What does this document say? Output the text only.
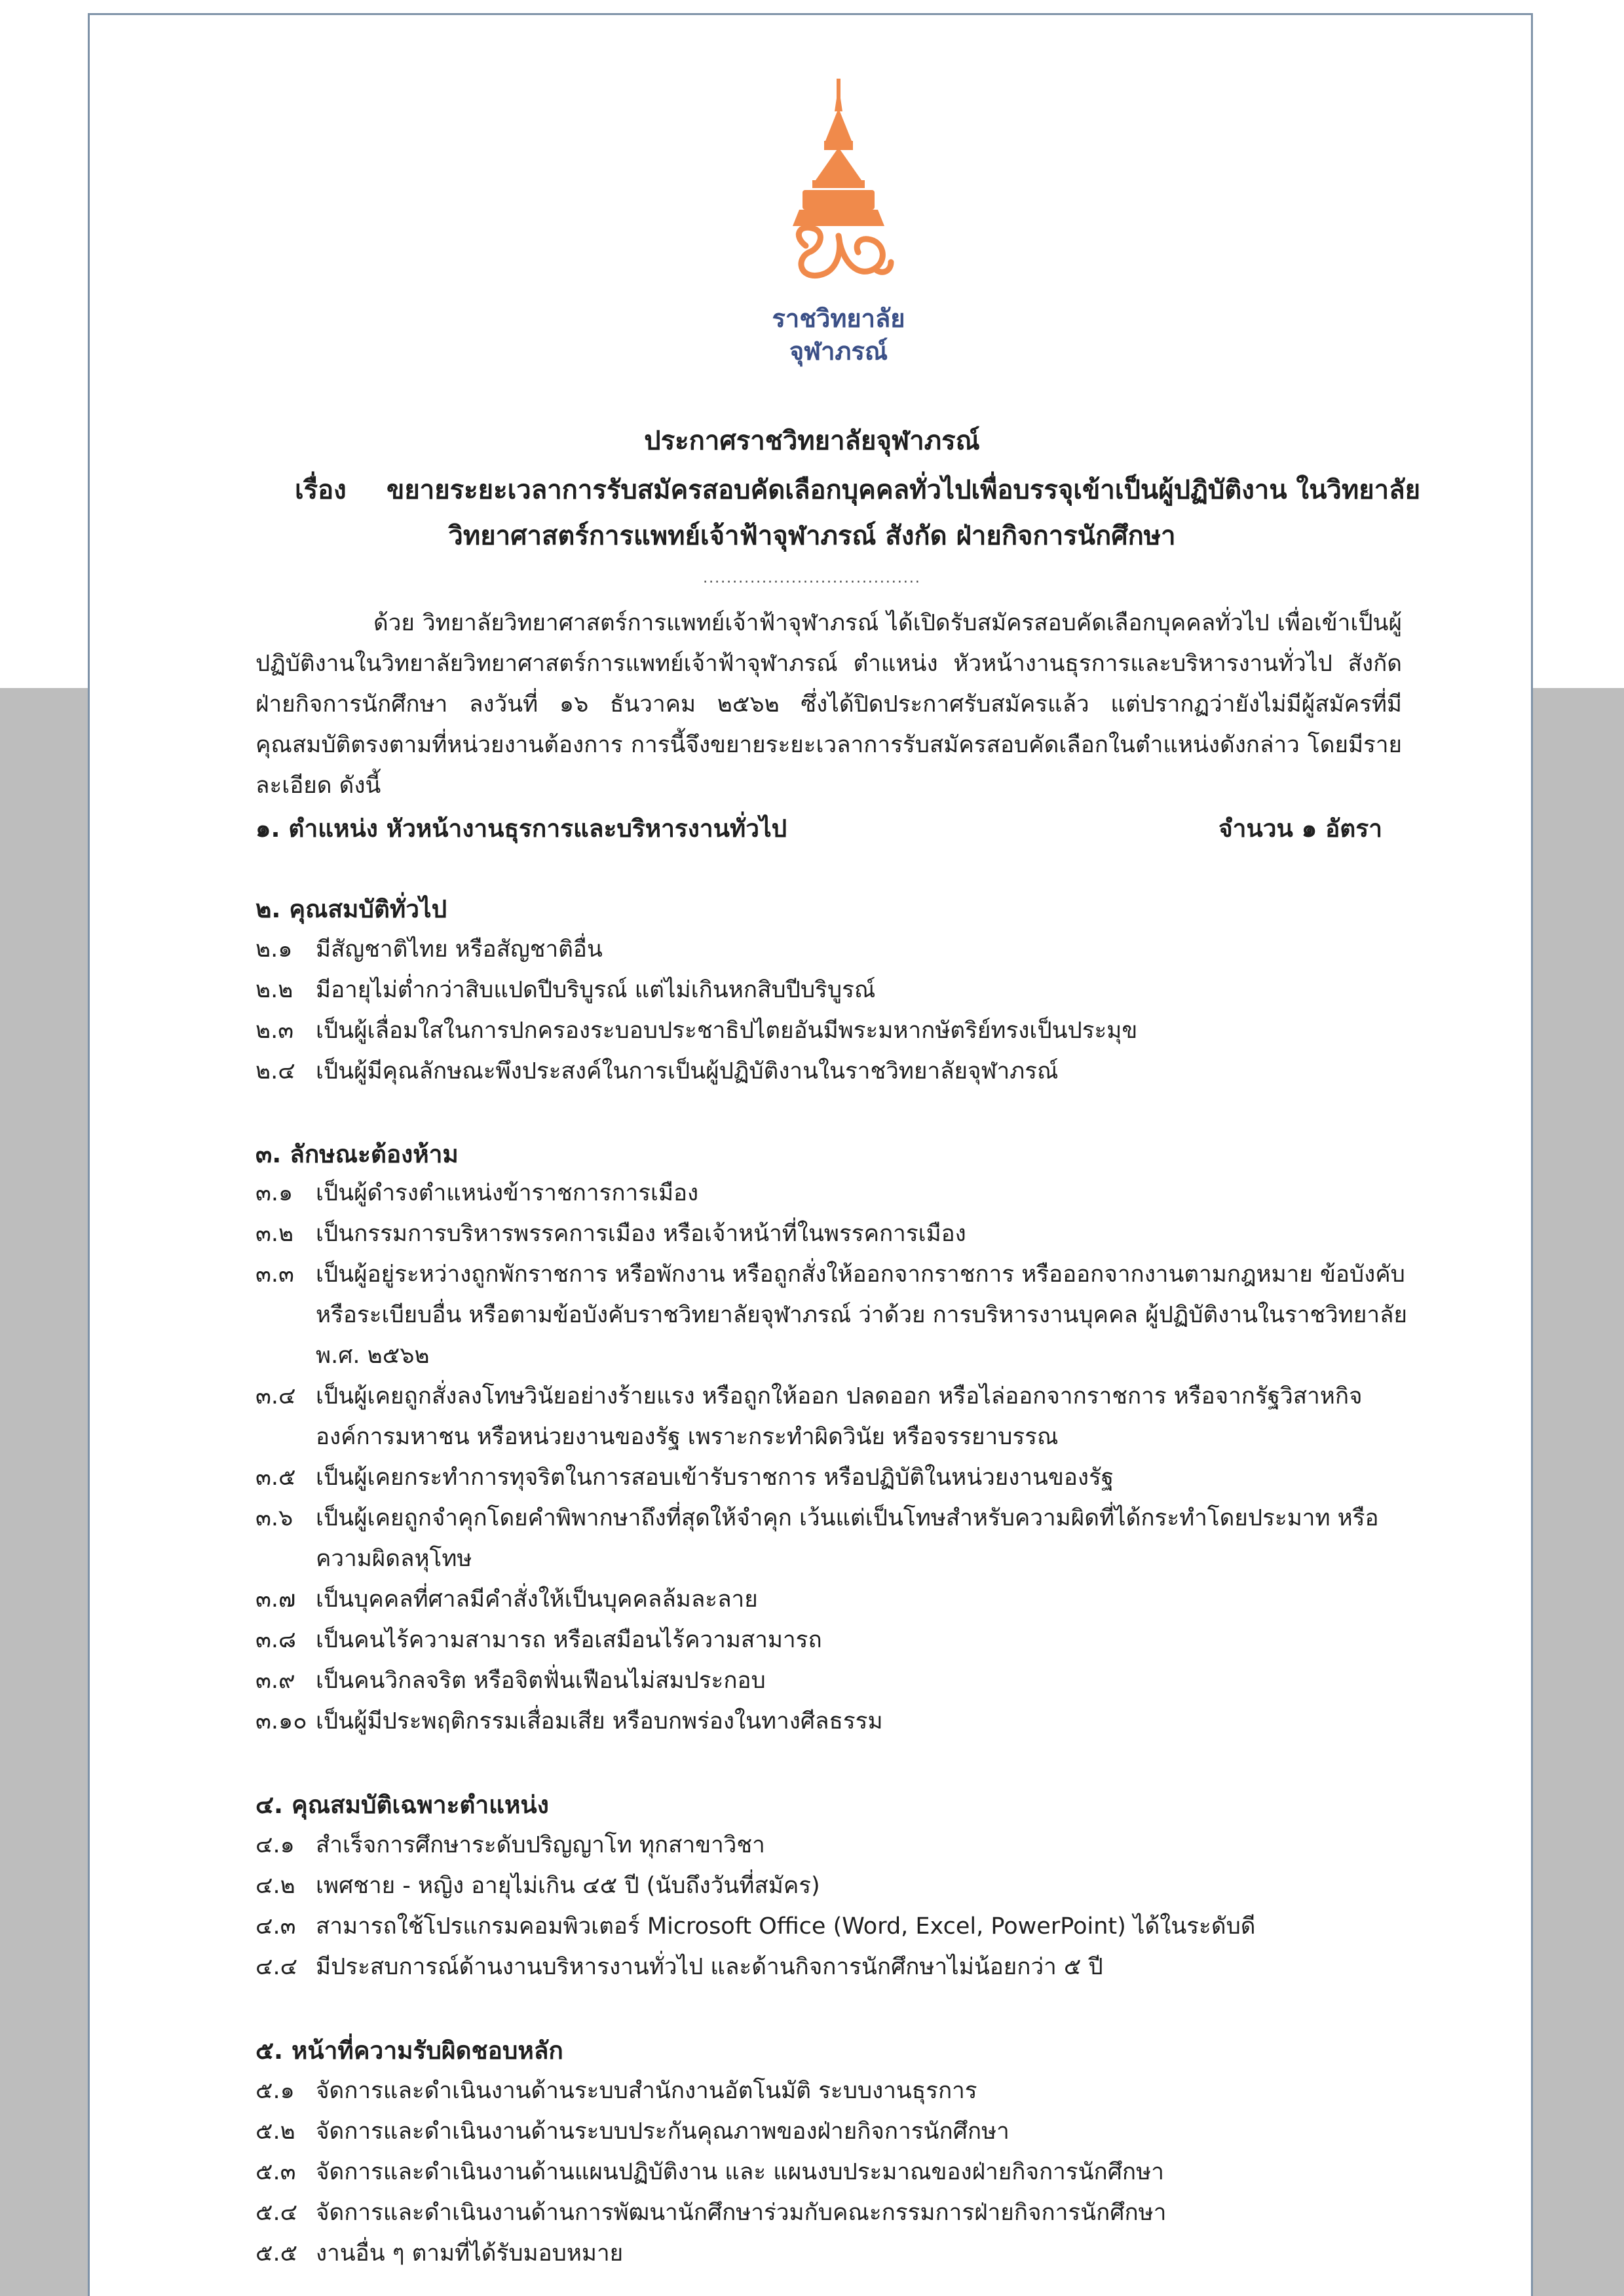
ราชวิทยาลัย
จุฬาภรณ์
ประกาศราชวิทยาลัยจุฬาภรณ์
เรื่อง ขยายระยะเวลาการรับสมัครสอบคัดเลือกบุคคลทั่วไปเพื่อบรรจุเข้าเป็นผู้ปฏิบัติงาน ในวิทยาลัย
วิทยาศาสตร์การแพทย์เจ้าฟ้าจุฬาภรณ์ สังกัด ฝ่ายกิจการนักศึกษา
.....................................
ด้วย วิทยาลัยวิทยาศาสตร์การแพทย์เจ้าฟ้าจุฬาภรณ์ ได้เปิดรับสมัครสอบคัดเลือกบุคคลทั่วไป เพื่อเข้าเป็นผู้ปฏิบัติงานในวิทยาลัยวิทยาศาสตร์การแพทย์เจ้าฟ้าจุฬาภรณ์ ตำแหน่ง หัวหน้างานธุรการและบริหารงานทั่วไป สังกัด ฝ่ายกิจการนักศึกษา ลงวันที่ ๑๖ ธันวาคม ๒๕๖๒ ซึ่งได้ปิดประกาศรับสมัครแล้ว แต่ปรากฏว่ายังไม่มีผู้สมัครที่มีคุณสมบัติตรงตามที่หน่วยงานต้องการ การนี้จึงขยายระยะเวลาการรับสมัครสอบคัดเลือกในตำแหน่งดังกล่าว โดยมีรายละเอียด ดังนี้
๑. ตำแหน่ง หัวหน้างานธุรการและบริหารงานทั่วไป	จำนวน ๑ อัตรา
๒. คุณสมบัติทั่วไป
๒.๑	มีสัญชาติไทย หรือสัญชาติอื่น
๒.๒ มีอายุไม่ต่ำกว่าสิบแปดปีบริบูรณ์ แต่ไม่เกินหกสิบปีบริบูรณ์
๒.๓ เป็นผู้เลื่อมใสในการปกครองระบอบประชาธิปไตยอันมีพระมหากษัตริย์ทรงเป็นประมุข
๒.๔ เป็นผู้มีคุณลักษณะพึงประสงค์ในการเป็นผู้ปฏิบัติงานในราชวิทยาลัยจุฬาภรณ์
๓. ลักษณะต้องห้าม
๓.๑ เป็นผู้ดำรงตำแหน่งข้าราชการการเมือง
๓.๒ เป็นกรรมการบริหารพรรคการเมือง หรือเจ้าหน้าที่ในพรรคการเมือง
๓.๓ เป็นผู้อยู่ระหว่างถูกพักราชการ หรือพักงาน หรือถูกสั่งให้ออกจากราชการ หรือออกจากงานตามกฎหมาย ข้อบังคับ หรือระเบียบอื่น หรือตามข้อบังคับราชวิทยาลัยจุฬาภรณ์ ว่าด้วย การบริหารงานบุคคล ผู้ปฏิบัติงานในราชวิทยาลัย พ.ศ. ๒๕๖๒
๓.๔ เป็นผู้เคยถูกสั่งลงโทษวินัยอย่างร้ายแรง หรือถูกให้ออก ปลดออก หรือไล่ออกจากราชการ หรือจากรัฐวิสาหกิจ องค์การมหาชน หรือหน่วยงานของรัฐ เพราะกระทำผิดวินัย หรือจรรยาบรรณ
๓.๕ เป็นผู้เคยกระทำการทุจริตในการสอบเข้ารับราชการ หรือปฏิบัติในหน่วยงานของรัฐ
๓.๖ เป็นผู้เคยถูกจำคุกโดยคำพิพากษาถึงที่สุดให้จำคุก เว้นแต่เป็นโทษสำหรับความผิดที่ได้กระทำโดยประมาท หรือความผิดลหุโทษ
๓.๗ เป็นบุคคลที่ศาลมีคำสั่งให้เป็นบุคคลล้มละลาย
๓.๘ เป็นคนไร้ความสามารถ หรือเสมือนไร้ความสามารถ
๓.๙ เป็นคนวิกลจริต หรือจิตฟั่นเฟือนไม่สมประกอบ
๓.๑๐ เป็นผู้มีประพฤติกรรมเสื่อมเสีย หรือบกพร่องในทางศีลธรรม
๔. คุณสมบัติเฉพาะตำแหน่ง
๔.๑ สำเร็จการศึกษาระดับปริญญาโท ทุกสาขาวิชา
๔.๒ เพศชาย - หญิง อายุไม่เกิน ๔๕ ปี (นับถึงวันที่สมัคร)
๔.๓ สามารถใช้โปรแกรมคอมพิวเตอร์ Microsoft Office (Word, Excel, PowerPoint) ได้ในระดับดี
๔.๔ มีประสบการณ์ด้านงานบริหารงานทั่วไป และด้านกิจการนักศึกษาไม่น้อยกว่า ๕ ปี
๕. หน้าที่ความรับผิดชอบหลัก
๕.๑ จัดการและดำเนินงานด้านระบบสำนักงานอัตโนมัติ ระบบงานธุรการ
๕.๒ จัดการและดำเนินงานด้านระบบประกันคุณภาพของฝ่ายกิจการนักศึกษา
๕.๓ จัดการและดำเนินงานด้านแผนปฏิบัติงาน และ แผนงบประมาณของฝ่ายกิจการนักศึกษา
๕.๔ จัดการและดำเนินงานด้านการพัฒนานักศึกษาร่วมกับคณะกรรมการฝ่ายกิจการนักศึกษา
๕.๕ งานอื่น ๆ ตามที่ได้รับมอบหมาย
